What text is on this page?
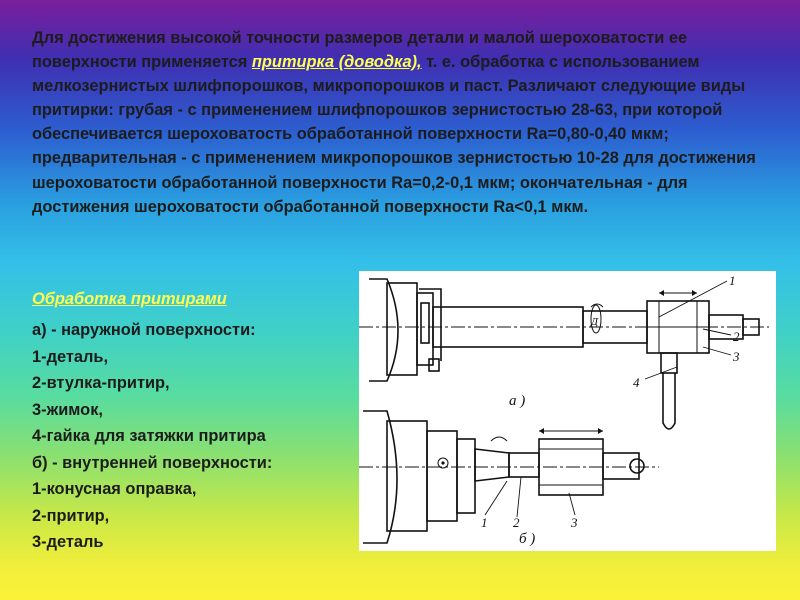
Для достижения высокой точности размеров детали и малой шероховатости ее поверхности применяется притирка (доводка), т. е. обработка с использованием мелкозернистых шлифпорошков, микропорошков и паст. Различают следующие виды притирки: грубая - с применением шлифпорошков зернистостью 28-63, при которой обеспечивается шероховатость обработанной поверхности Ra=0,80-0,40 мкм; предварительная - с применением микропорошков зернистостью 10-28 для достижения шероховатости обработанной поверхности Ra=0,2-0,1 мкм; окончательная - для достижения шероховатости обработанной поверхности Ra<0,1 мкм.

Обработка притирами
а) - наружной поверхности:
1-деталь,
2-втулка-притир,
3-жимок,
4-гайка для затяжки притира
б) - внутренней поверхности:
1-конусная оправка,
2-притир,
3-деталь
1
2
3
4
Д
а )
1 2	3
б )
